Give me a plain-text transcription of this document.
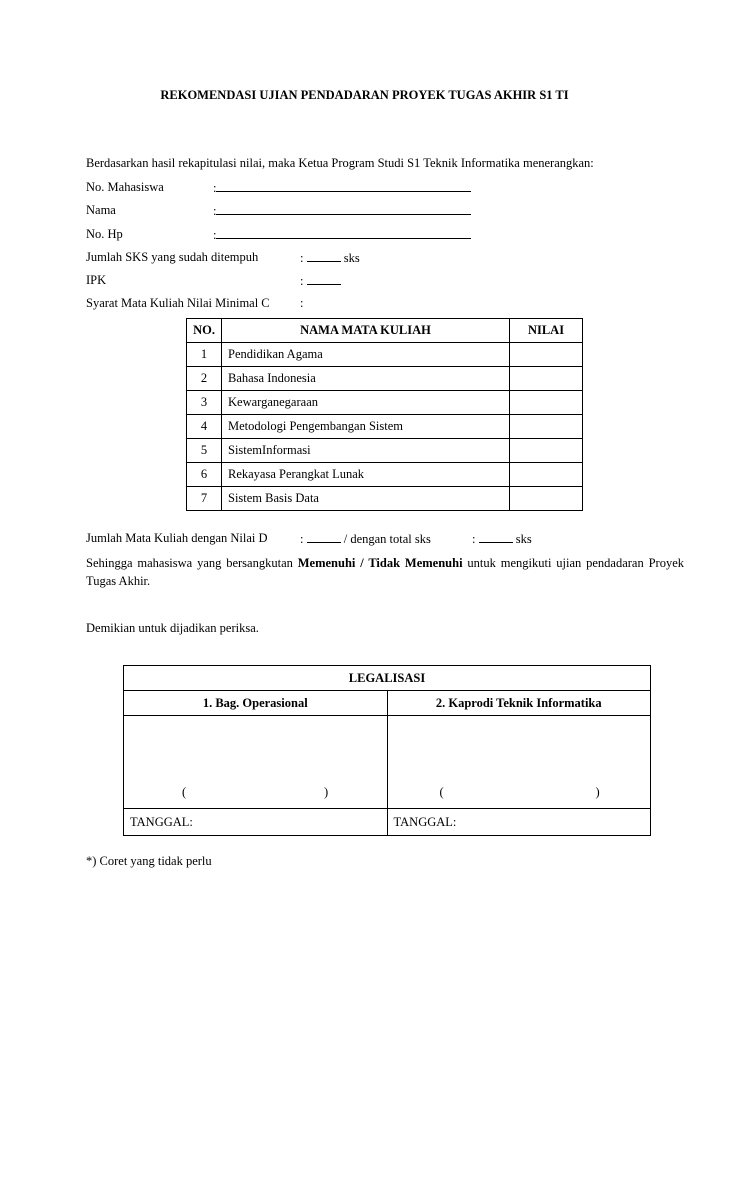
REKOMENDASI UJIAN PENDADARAN PROYEK TUGAS AKHIR S1 TI
Berdasarkan hasil rekapitulasi nilai, maka Ketua Program Studi S1 Teknik Informatika menerangkan:
No. Mahasiswa	:
Nama	:
No. Hp	:
Jumlah SKS yang sudah ditempuh	:	sks
IPK	:
Syarat Mata Kuliah Nilai Minimal C :
NO.	NAMA MATA KULIAH	NILAI
1	Pendidikan Agama	
2	Bahasa Indonesia	
3	Kewarganegaraan	
4	Metodologi Pengembangan Sistem	
5	SistemInformasi	
6	Rekayasa Perangkat Lunak	
7	Sistem Basis Data	
Jumlah Mata Kuliah dengan Nilai D	:	/ dengan total sks	:	sks
Sehingga mahasiswa yang bersangkutan Memenuhi / Tidak Memenuhi untuk mengikuti ujian pendadaran Proyek Tugas Akhir.
Demikian untuk dijadikan periksa.
LEGALISASI	
1. Bag. Operasional	2. Kaprodi Teknik Informatika

( )	( )

TANGGAL:	TANGGAL:
*) Coret yang tidak perlu
